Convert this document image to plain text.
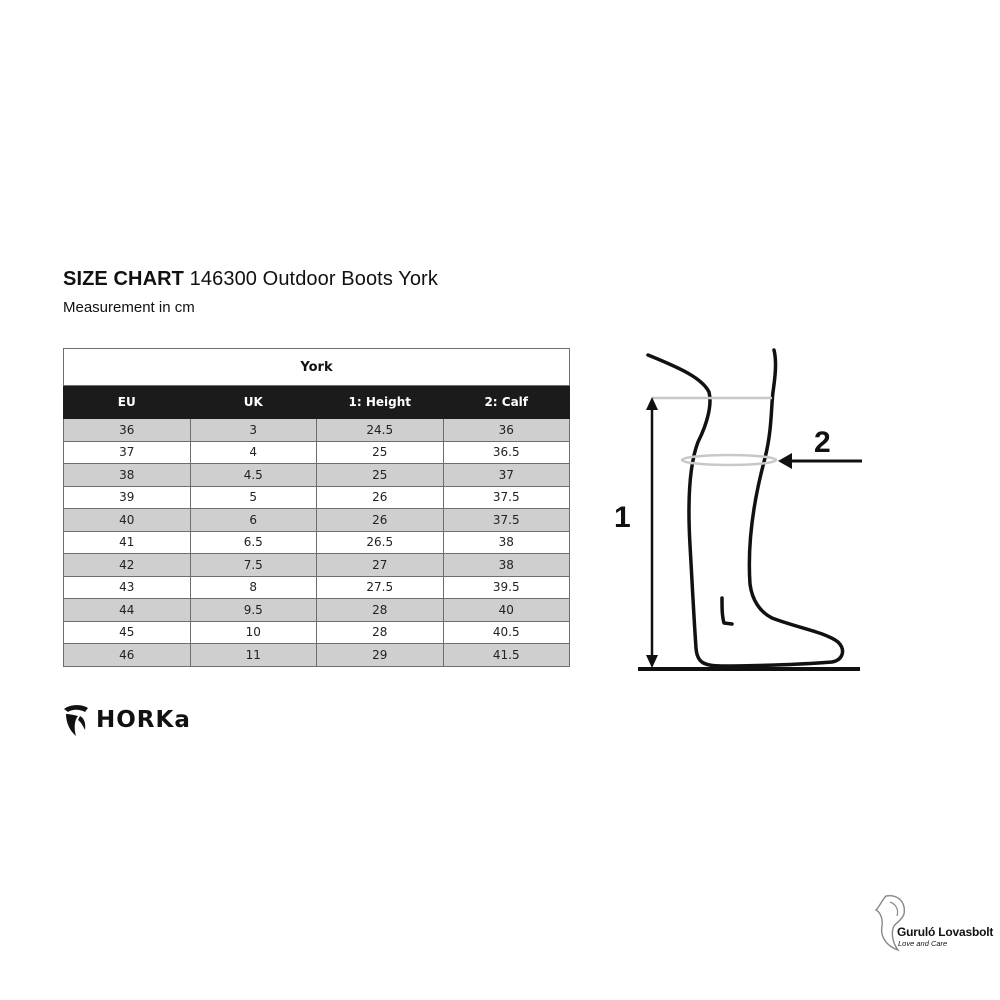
SIZE CHART 146300 Outdoor Boots York
Measurement in cm
York			
EU	UK	1: Height	2: Calf
36	3	24.5	36
37	4	25	36.5
38	4.5	25	37
39	5	26	37.5
40	6	26	37.5
41	6.5	26.5	38
42	7.5	27	38
43	8	27.5	39.5
44	9.5	28	40
45	10	28	40.5
46	11	29	41.5
HORKa
1
2
Guruló Lovasbolt
Love and Care
